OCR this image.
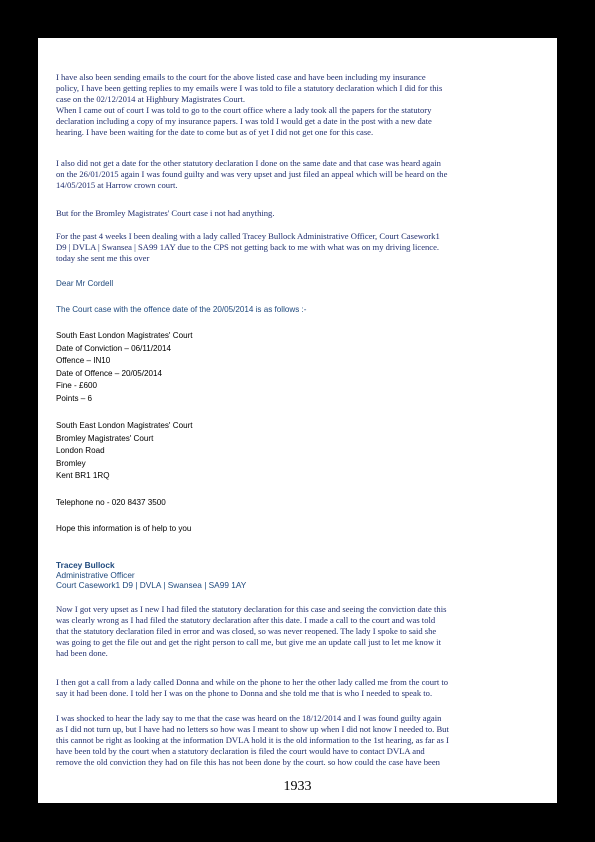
I have also been sending emails to the court for the above listed case and have been including my insurance
policy, I have been getting replies to my emails were I was told to file a statutory declaration which I did for this
case on the 02/12/2014 at Highbury Magistrates Court.
When I came out of court I was told to go to the court office where a lady took all the papers for the statutory
declaration including a copy of my insurance papers. I was told I would get a date in the post with a new date
hearing. I have been waiting for the date to come but as of yet I did not get one for this case.
I also did not get a date for the other statutory declaration I done on the same date and that case was heard again
on the 26/01/2015 again I was found guilty and was very upset and just filed an appeal which will be heard on the
14/05/2015 at Harrow crown court.
But for the Bromley Magistrates' Court case i not had anything.
For the past 4 weeks I been dealing with a lady called Tracey Bullock Administrative Officer, Court Casework1
D9 | DVLA | Swansea | SA99 1AY due to the CPS not getting back to me with what was on my driving licence.
today she sent me this over
Dear Mr Cordell
The Court case with the offence date of the 20/05/2014 is as follows :-
South East London Magistrates' Court
Date of Conviction – 06/11/2014
Offence – IN10
Date of Offence – 20/05/2014
Fine - £600
Points – 6
South East London Magistrates' Court
Bromley Magistrates' Court
London Road
Bromley
Kent BR1 1RQ
Telephone no - 020 8437 3500
Hope this information is of help to you
Tracey Bullock
Administrative Officer
Court Casework1 D9 | DVLA | Swansea | SA99 1AY
Now I got very upset as I new I had filed the statutory declaration for this case and seeing the conviction date this
was clearly wrong as I had filed the statutory declaration after this date. I made a call to the court and was told
that the statutory declaration filed in error and was closed, so was never reopened. The lady I spoke to said she
was going to get the file out and get the right person to call me, but give me an update call just to let me know it
had been done.
I then got a call from a lady called Donna and while on the phone to her the other lady called me from the court to
say it had been done. I told her I was on the phone to Donna and she told me that is who I needed to speak to.
I was shocked to hear the lady say to me that the case was heard on the 18/12/2014 and I was found guilty again
as I did not turn up, but I have had no letters so how was I meant to show up when I did not know I needed to. But
this cannot be right as looking at the information DVLA hold it is the old information to the 1st hearing, as far as I
have been told by the court when a statutory declaration is filed the court would have to contact DVLA and
remove the old conviction they had on file this has not been done by the court. so how could the case have been
1933
